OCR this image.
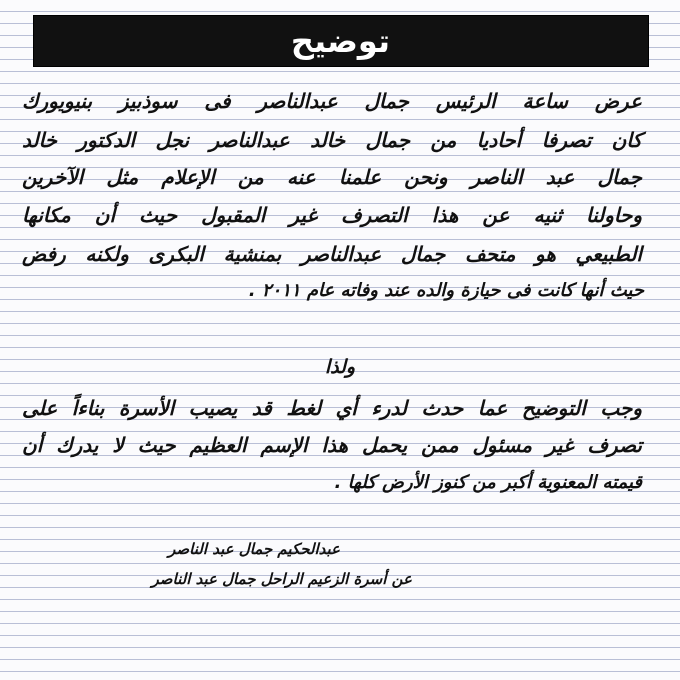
توضيح
عرض ساعة الرئيس جمال عبدالناصر فى سوذبيز بنيويورك
كان تصرفا أحاديا من جمال خالد عبدالناصر نجل الدكتور خالد
جمال عبد الناصر ونحن علمنا عنه من الإعلام مثل الآخرين
وحاولنا ثنيه عن هذا التصرف غير المقبول حيث أن مكانها
الطبيعي هو متحف جمال عبدالناصر بمنشية البكرى ولكنه رفض
حيث أنها كانت فى حيازة والده عند وفاته عام ٢٠١١ .
ولذا
وجب التوضيح عما حدث لدرء أي لغط قد يصيب الأسرة بناءاً على
تصرف غير مسئول ممن يحمل هذا الإسم العظيم حيث لا يدرك أن
قيمته المعنوية أكبر من كنوز الأرض كلها .
عبدالحكيم جمال عبد الناصر
عن أسرة الزعيم الراحل جمال عبد الناصر
